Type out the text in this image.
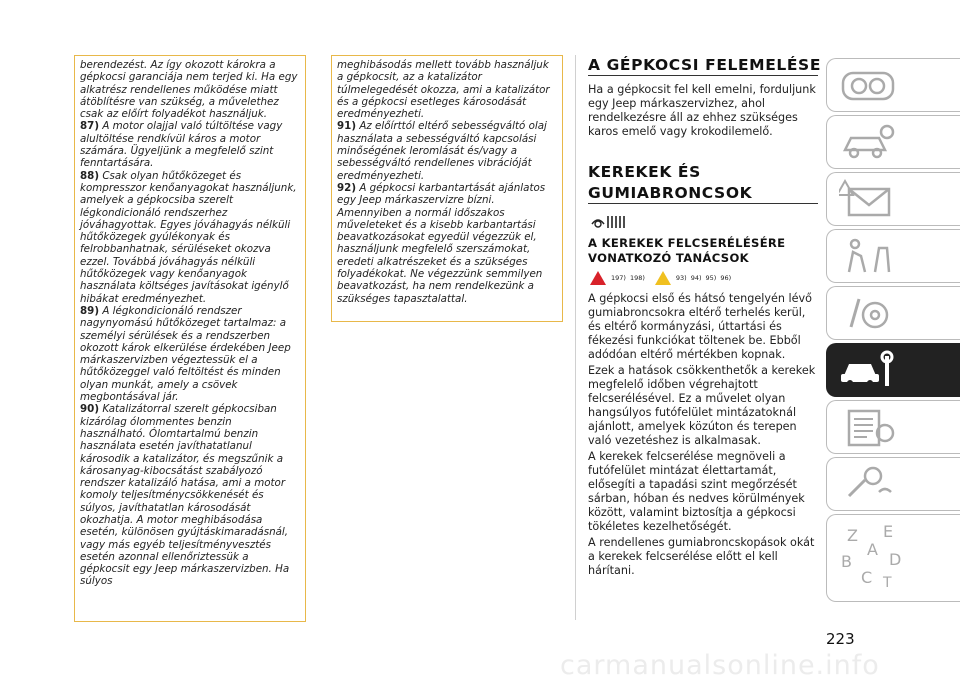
berendezést. Az így okozott károkra a gépkocsi garanciája nem terjed ki. Ha egy alkatrész rendellenes működése miatt átöblítésre van szükség, a művelethez csak az előírt folyadékot használjuk.

87) A motor olajjal való túltöltése vagy alultöltése rendkívül káros a motor számára. Ügyeljünk a megfelelő szint fenntartására.

88) Csak olyan hűtőközeget és kompresszor kenőanyagokat használjunk, amelyek a gépkocsiba szerelt légkondicionáló rendszerhez jóváhagyottak. Egyes jóváhagyás nélküli hűtőközegek gyúlékonyak és felrobbanhatnak, sérüléseket okozva ezzel. Továbbá jóváhagyás nélküli hűtőközegek vagy kenőanyagok használata költséges javításokat igénylő hibákat eredményezhet.

89) A légkondicionáló rendszer nagynyomású hűtőközeget tartalmaz: a személyi sérülések és a rendszerben okozott károk elkerülése érdekében Jeep márkaszervizben végeztessük el a hűtőközeggel való feltöltést és minden olyan munkát, amely a csövek megbontásával jár.

90) Katalizátorral szerelt gépkocsiban kizárólag ólommentes benzin használható. Ólomtartalmú benzin használata esetén javíthatatlanul károsodik a katalizátor, és megszűnik a károsanyag-kibocsátást szabályozó rendszer katalizáló hatása, ami a motor komoly teljesítménycsökkenését és súlyos, javíthatatlan károsodását okozhatja. A motor meghibásodása esetén, különösen gyújtáskimaradásnál, vagy más egyéb teljesítményvesztés esetén azonnal ellenőriztessük a gépkocsit egy Jeep márkaszervizben. Ha súlyos

meghibásodás mellett tovább használjuk a gépkocsit, az a katalizátor túlmelegedését okozza, ami a katalizátor és a gépkocsi esetleges károsodását eredményezheti.

91) Az előírttól eltérő sebességváltó olaj használata a sebességváltó kapcsolási minőségének leromlását és/vagy a sebességváltó rendellenes vibrációját eredményezheti.

92) A gépkocsi karbantartását ajánlatos egy Jeep márkaszervizre bízni. Amennyiben a normál időszakos műveleteket és a kisebb karbantartási beavatkozásokat egyedül végezzük el, használjunk megfelelő szerszámokat, eredeti alkatrészeket és a szükséges folyadékokat. Ne végezzünk semmilyen beavatkozást, ha nem rendelkezünk a szükséges tapasztalattal.

A GÉPKOCSI FELEMELÉSE

Ha a gépkocsit fel kell emelni, forduljunk egy Jeep márkaszervizhez, ahol rendelkezésre áll az ehhez szükséges karos emelő vagy krokodilemelő.

KEREKEK ÉS
GUMIABRONCSOK
A KEREKEK FELCSERÉLÉSÉRE
VONATKOZÓ TANÁCSOK
197) 198)	93) 94) 95) 96)

A gépkocsi első és hátsó tengelyén lévő gumiabroncsokra eltérő terhelés kerül, és eltérő kormányzási, úttartási és fékezési funkciókat töltenek be. Ebből adódóan eltérő mértékben kopnak.

Ezek a hatások csökkenthetők a kerekek megfelelő időben végrehajtott felcserélésével. Ez a művelet olyan hangsúlyos futófelület mintázatoknál ajánlott, amelyek közúton és terepen való vezetéshez is alkalmasak.

A kerekek felcserélése megnöveli a futófelület mintázat élettartamát, elősegíti a tapadási szint megőrzését sárban, hóban és nedves körülmények között, valamint biztosítja a gépkocsi tökéletes kezelhetőségét.

A rendellenes gumiabroncskopások okát a kerekek felcserélése előtt el kell hárítani.

Z E
B D
C
A
T
223
carmanualsonline.info
